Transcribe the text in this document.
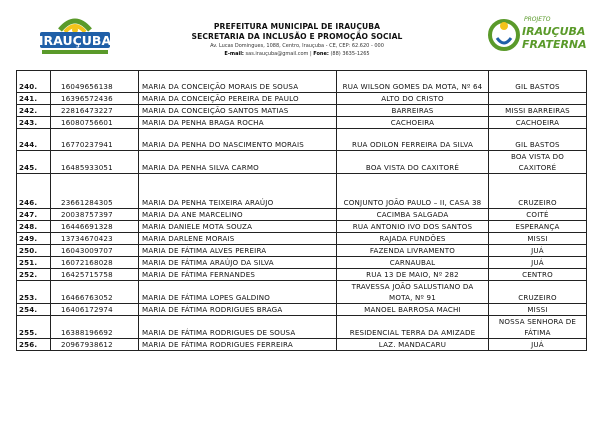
IRAUÇUBA
PREFEITURA MUNICIPAL DE IRAUÇUBA
SECRETARIA DA INCLUSÃO E PROMOÇÃO SOCIAL
Av. Lucas Domingues, 1088, Centro, Irauçuba - CE, CEP: 62.620 - 000
E-mail: sas.irauçuba@gmail.com | Fone: (88) 3635-1265
PROJETO
IRAUÇUBA
FRATERNA
240.	16049656138	MARIA DA CONCEIÇÃO MORAIS DE SOUSA	RUA WILSON GOMES DA MOTA, Nº 64	GIL BASTOS
241.	16396572436	MARIA DA CONCEIÇÃO PEREIRA DE PAULO	ALTO DO CRISTO	
242.	22816473227	MARIA DA CONCEIÇÃO SANTOS MATIAS	BARREIRAS	MISSI BARREIRAS
243.	16080756601	MARIA DA PENHA BRAGA ROCHA	CACHOEIRA	CACHOEIRA
244.	16770237941	MARIA DA PENHA DO NASCIMENTO MORAIS	RUA ODILON FERREIRA DA SILVA	GIL BASTOS
245.	16485933051	MARIA DA PENHA SILVA CARMO	BOA VISTA DO CAXITORÉ	BOA VISTA DO CAXITORÉ
246.	23661284305	MARIA DA PENHA TEIXEIRA ARAÚJO	CONJUNTO JOÃO PAULO – II, CASA 38	CRUZEIRO
247.	20038757397	MARIA DA ANE MARCELINO	CACIMBA SALGADA	COITÉ
248.	16446691328	MARIA DANIELE MOTA SOUZA	RUA ANTONIO IVO DOS SANTOS	ESPERANÇA
249.	13734670423	MARIA DARLENE MORAIS	RAJADA FUNDÕES	MISSI
250.	16043009707	MARIA DE FÁTIMA ALVES PEREIRA	FAZENDA LIVRAMENTO	JUÁ
251.	16072168028	MARIA DE FÁTIMA ARAÚJO DA SILVA	CARNAUBAL	JUÁ
252.	16425715758	MARIA DE FÁTIMA FERNANDES	RUA 13 DE MAIO, Nº 282	CENTRO
253.	16466763052	MARIA DE FÁTIMA LOPES GALDINO	TRAVESSA JOÃO SALUSTIANO DA MOTA, Nº 91	CRUZEIRO
254.	16406172974	MARIA DE FÁTIMA RODRIGUES BRAGA	MANOEL BARROSA MACHI	MISSI
255.	16388196692	MARIA DE FÁTIMA RODRIGUES DE SOUSA	RESIDENCIAL TERRA DA AMIZADE	NOSSA SENHORA DE FÁTIMA
256.	20967938612	MARIA DE FÁTIMA RODRIGUES FERREIRA	LAZ. MANDACARU	JUÁ
